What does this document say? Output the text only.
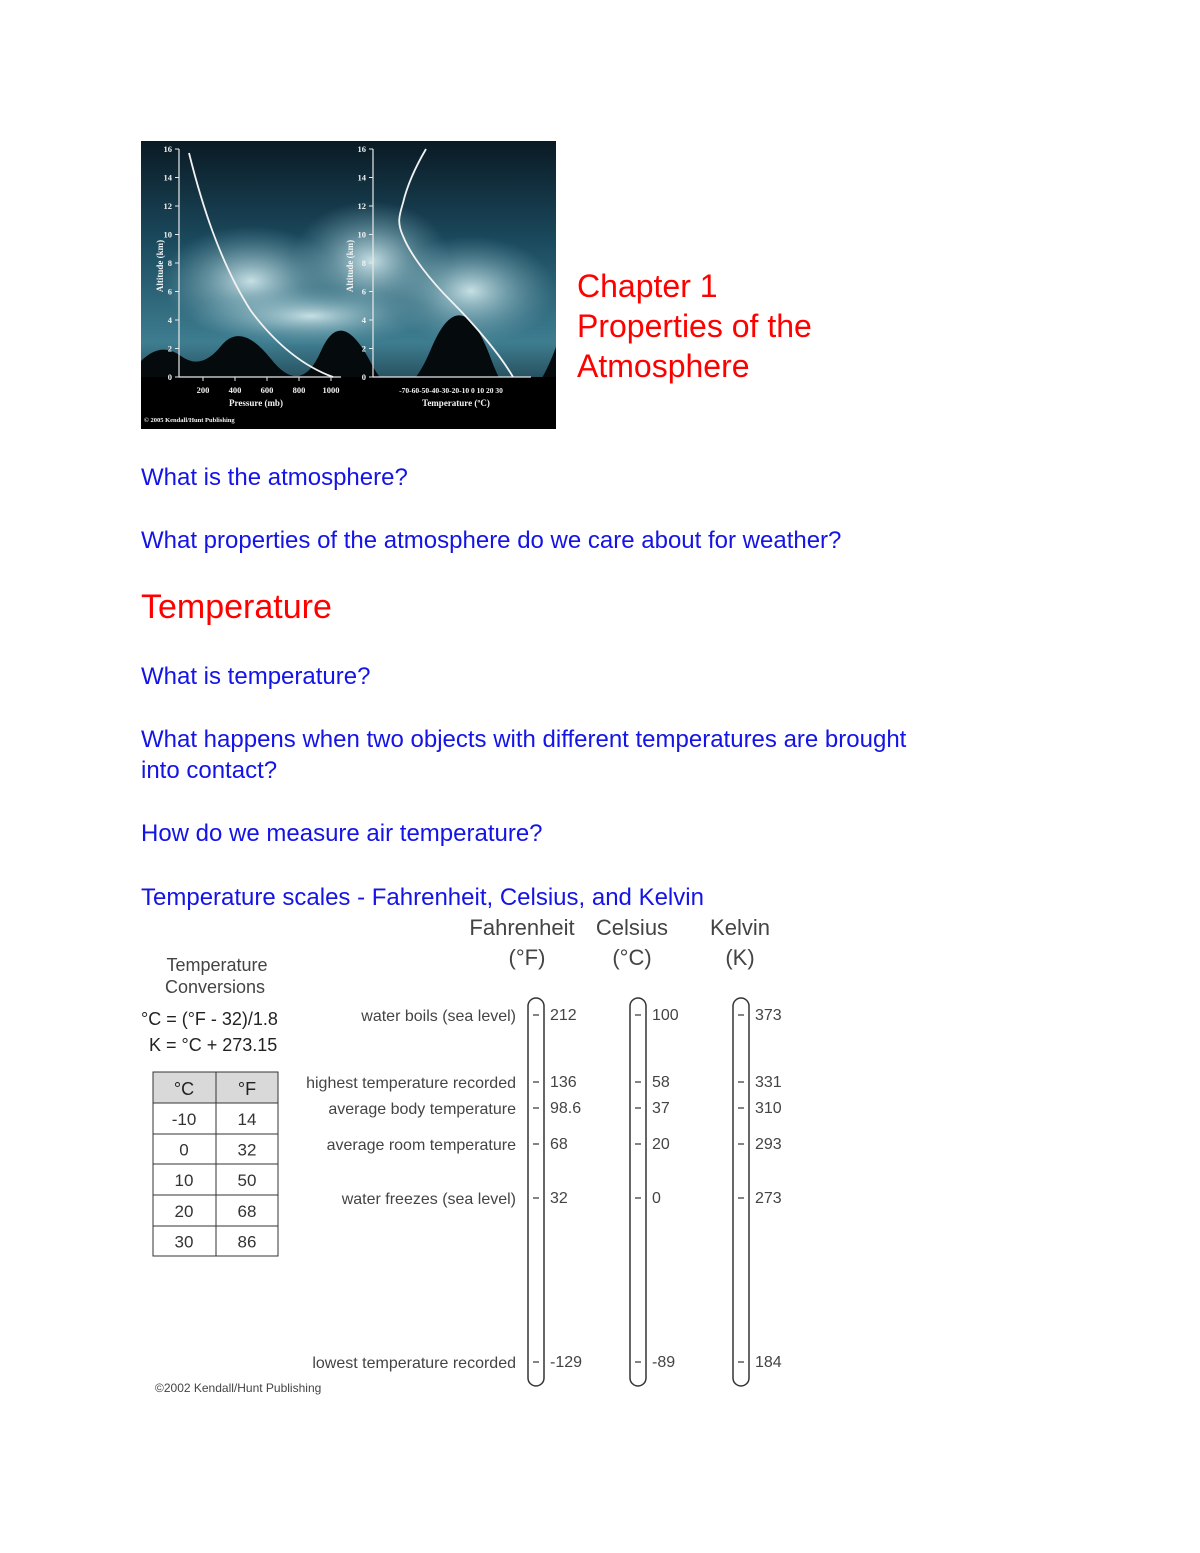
0
2
4
6
8
10
12
14
16
200 400 600 800 1000
Altitude (km)
Pressure (mb)
0
2
4
6
8
10
12
14
16
Altitude (km)
-70-60-50-40-30-20-10 0 10 20 30
Temperature (ºC)
© 2005 Kendall/Hunt Publishing
Chapter 1
Properties of the
Atmosphere
What is the atmosphere?
What properties of the atmosphere do we care about for weather?
Temperature
What is temperature?
What happens when two objects with different temperatures are brought
into contact?
How do we measure air temperature?
Temperature scales - Fahrenheit, Celsius, and Kelvin
Fahrenheit Celsius Kelvin
(°F)	(°C)	(K)
Temperature
Conversions
°C = (°F - 32)/1.8
K = °C + 273.15
°C °F
-10 14
0	32
10	50
20	68
30	86
water boils (sea level) 212	100	373
highest temperature recorded 136	58	331
average body temperature 98.6	37	310
average room temperature 68	20	293
water freezes (sea level) 32	0	273
lowest temperature recorded -129	-89	184
©2002 Kendall/Hunt Publishing
